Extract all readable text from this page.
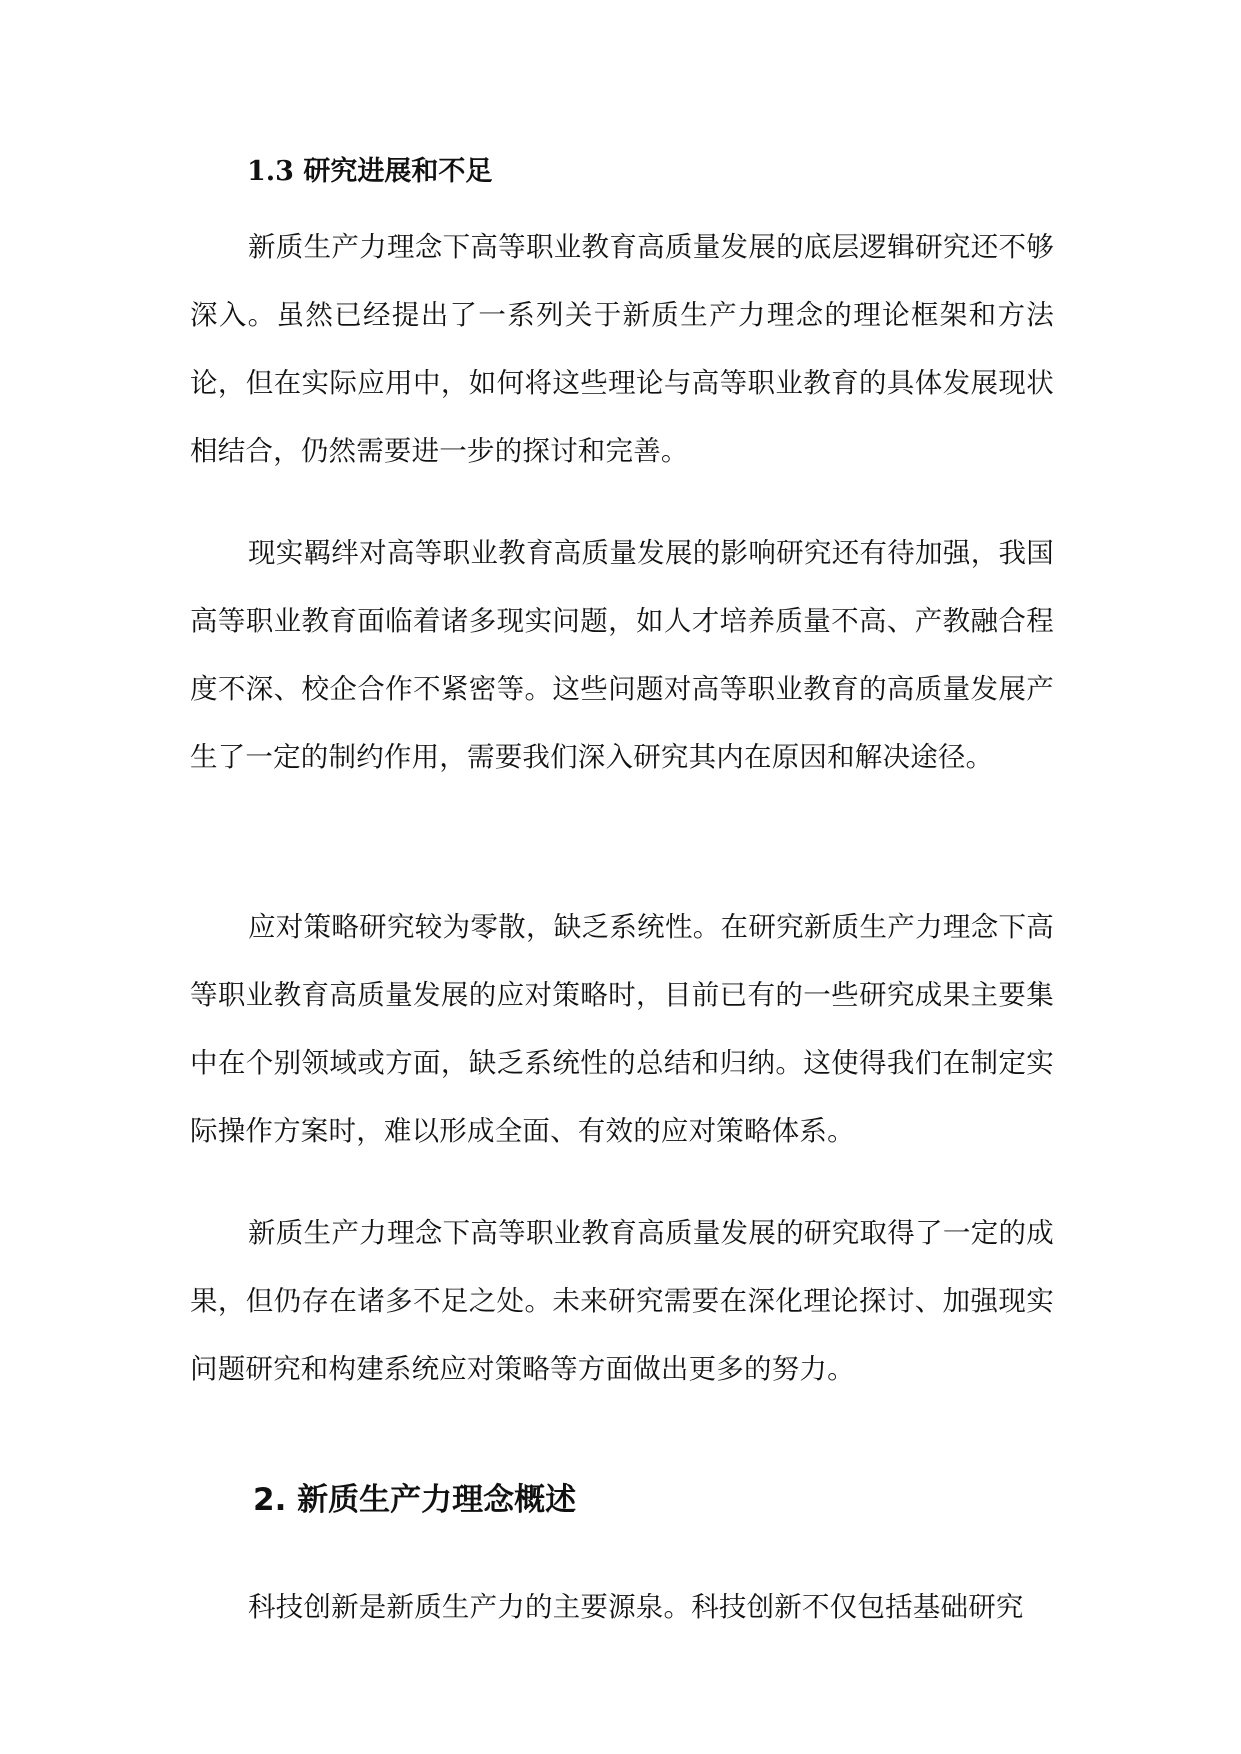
1.3 研究进展和不足

新质生产力理念下高等职业教育高质量发展的底层逻辑研究还不够深入。虽然已经提出了一系列关于新质生产力理念的理论框架和方法论，但在实际应用中，如何将这些理论与高等职业教育的具体发展现状相结合，仍然需要进一步的探讨和完善。

现实羁绊对高等职业教育高质量发展的影响研究还有待加强，我国高等职业教育面临着诸多现实问题，如人才培养质量不高、产教融合程度不深、校企合作不紧密等。这些问题对高等职业教育的高质量发展产生了一定的制约作用，需要我们深入研究其内在原因和解决途径。

应对策略研究较为零散，缺乏系统性。在研究新质生产力理念下高等职业教育高质量发展的应对策略时，目前已有的一些研究成果主要集中在个别领域或方面，缺乏系统性的总结和归纳。这使得我们在制定实际操作方案时，难以形成全面、有效的应对策略体系。

新质生产力理念下高等职业教育高质量发展的研究取得了一定的成果，但仍存在诸多不足之处。未来研究需要在深化理论探讨、加强现实问题研究和构建系统应对策略等方面做出更多的努力。

2. 新质生产力理念概述

科技创新是新质生产力的主要源泉。科技创新不仅包括基础研究
